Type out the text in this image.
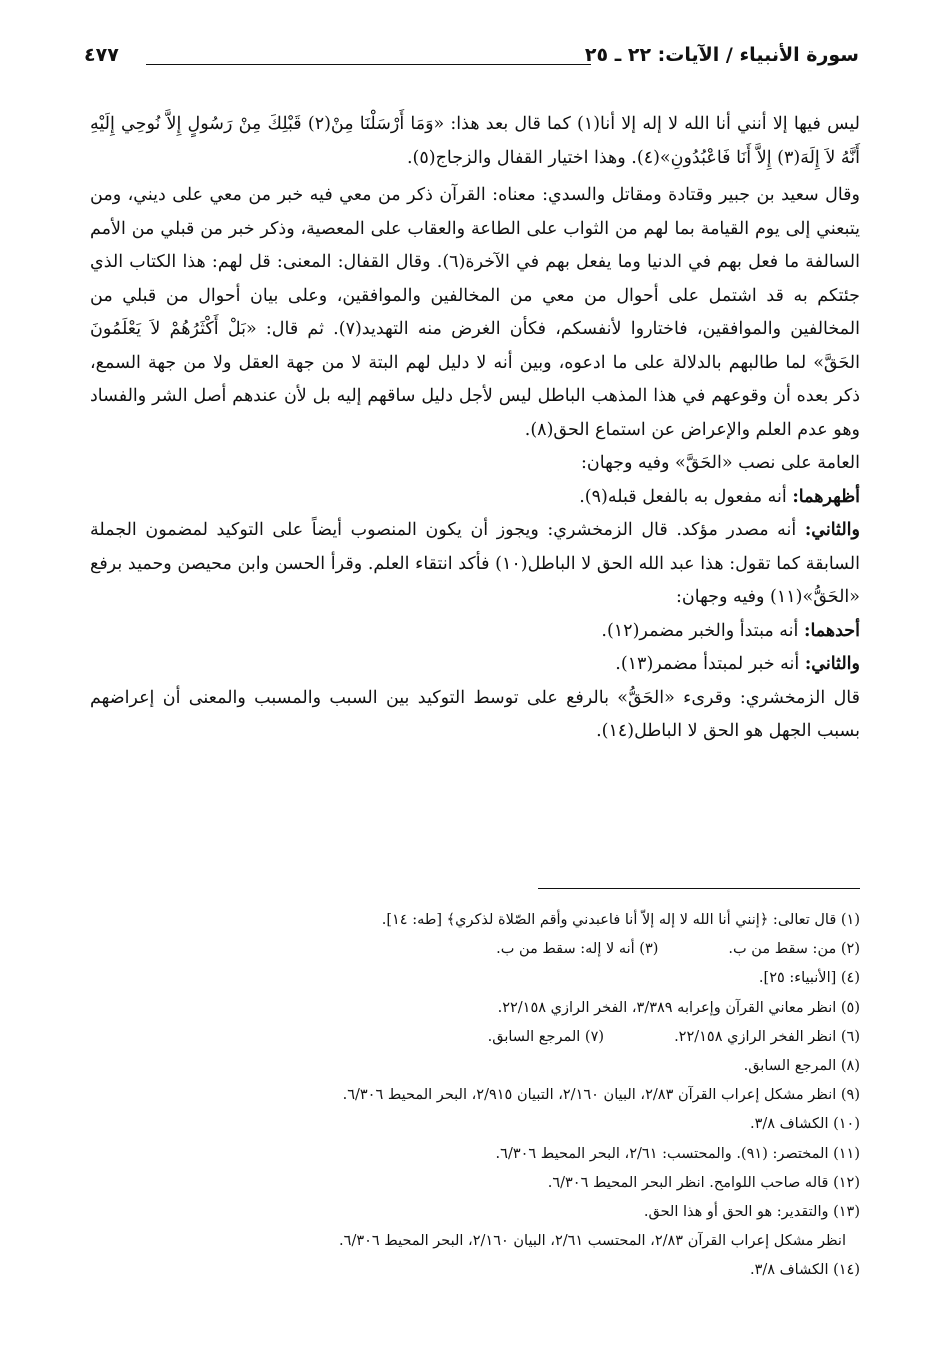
سورة الأنبياء / الآيات: ٢٢ ـ ٢٥
٤٧٧

ليس فيها إلا أنني أنا الله لا إله إلا أنا(١) كما قال بعد هذا: «وَمَا أَرْسَلْنَا مِنْ(٢) قَبْلِكَ مِنْ رَسُولٍ إِلاَّ نُوحِي إِلَيْهِ أَنَّهُ لاَ إِلَهَ(٣) إِلاَّ أَنَا فَاعْبُدُونِ»(٤). وهذا اختيار القفال والزجاج(٥).

وقال سعيد بن جبير وقتادة ومقاتل والسدي: معناه: القرآن ذكر من معي فيه خبر من معي على ديني، ومن يتبعني إلى يوم القيامة بما لهم من الثواب على الطاعة والعقاب على المعصية، وذكر خبر من قبلي من الأمم السالفة ما فعل بهم في الدنيا وما يفعل بهم في الآخرة(٦). وقال القفال: المعنى: قل لهم: هذا الكتاب الذي جئتكم به قد اشتمل على أحوال من معي من المخالفين والموافقين، وعلى بيان أحوال من قبلي من المخالفين والموافقين، فاختاروا لأنفسكم، فكأن الغرض منه التهديد(٧). ثم قال: «بَلْ أَكْثَرُهُمْ لاَ يَعْلَمُونَ الحَقَّ» لما طالبهم بالدلالة على ما ادعوه، وبين أنه لا دليل لهم البتة لا من جهة العقل ولا من جهة السمع، ذكر بعده أن وقوعهم في هذا المذهب الباطل ليس لأجل دليل ساقهم إليه بل لأن عندهم أصل الشر والفساد وهو عدم العلم والإعراض عن استماع الحق(٨).

العامة على نصب «الحَقَّ» وفيه وجهان:

أظهرهما: أنه مفعول به بالفعل قبله(٩).

والثاني: أنه مصدر مؤكد. قال الزمخشري: ويجوز أن يكون المنصوب أيضاً على التوكيد لمضمون الجملة السابقة كما تقول: هذا عبد الله الحق لا الباطل(١٠) فأكد انتقاء العلم. وقرأ الحسن وابن محيصن وحميد برفع «الحَقُّ»(١١) وفيه وجهان:

أحدهما: أنه مبتدأ والخبر مضمر(١٢).

والثاني: أنه خبر لمبتدأ مضمر(١٣).

قال الزمخشري: وقرىء «الحَقُّ» بالرفع على توسط التوكيد بين السبب والمسبب والمعنى أن إعراضهم بسبب الجهل هو الحق لا الباطل(١٤).

(١) قال تعالى: ﴿إنني أنا الله لا إله إلاّ أنا فاعبدني وأقم الصّلاة لذكري﴾ [طه: ١٤].
(٢) من: سقط من ب.
(٣) أنه لا إله: سقط من ب.
(٤) [الأنبياء: ٢٥].
(٥) انظر معاني القرآن وإعرابه ٣/٣٨٩، الفخر الرازي ٢٢/١٥٨.
(٦) انظر الفخر الرازي ٢٢/١٥٨.
(٧) المرجع السابق.
(٨) المرجع السابق.
(٩) انظر مشكل إعراب القرآن ٢/٨٣، البيان ٢/١٦٠، التبيان ٢/٩١٥، البحر المحيط ٦/٣٠٦.
(١٠) الكشاف ٣/٨.
(١١) المختصر: (٩١). والمحتسب: ٢/٦١، البحر المحيط ٦/٣٠٦.
(١٢) قاله صاحب اللوامح. انظر البحر المحيط ٦/٣٠٦.
(١٣) والتقدير: هو الحق أو هذا الحق.
انظر مشكل إعراب القرآن ٢/٨٣، المحتسب ٢/٦١، البيان ٢/١٦٠، البحر المحيط ٦/٣٠٦.
(١٤) الكشاف ٣/٨.
